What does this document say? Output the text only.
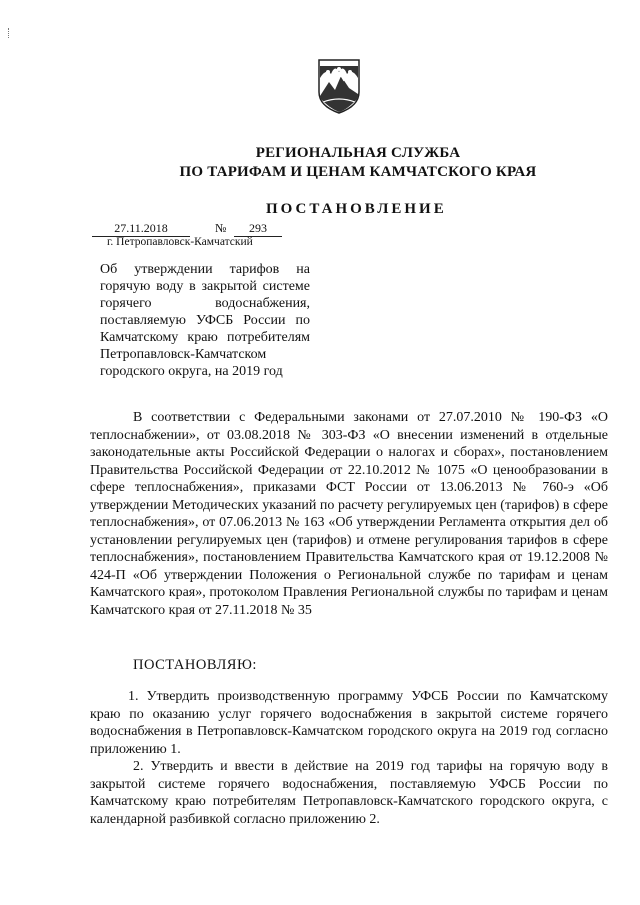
РЕГИОНАЛЬНАЯ СЛУЖБА
ПО ТАРИФАМ И ЦЕНАМ КАМЧАТСКОГО КРАЯ
ПОСТАНОВЛЕНИЕ
27.11.2018	№	293
г. Петропавловск-Камчатский
Об утверждении тарифов на горячую воду в закрытой системе горячего водоснабжения, поставляемую УФСБ России по Камчатскому краю потребителям Петропавловск-Камчатском городского округа, на 2019 год

В соответствии с Федеральными законами от 27.07.2010 № 190-ФЗ «О теплоснабжении», от 03.08.2018 № 303-ФЗ «О внесении изменений в отдельные законодательные акты Российской Федерации о налогах и сборах», постановлением Правительства Российской Федерации от 22.10.2012 № 1075 «О ценообразовании в сфере теплоснабжения», приказами ФСТ России от 13.06.2013 № 760-э «Об утверждении Методических указаний по расчету регулируемых цен (тарифов) в сфере теплоснабжения», от 07.06.2013 № 163 «Об утверждении Регламента открытия дел об установлении регулируемых цен (тарифов) и отмене регулирования тарифов в сфере теплоснабжения», постановлением Правительства Камчатского края от 19.12.2008 № 424-П «Об утверждении Положения о Региональной службе по тарифам и ценам Камчатского края», протоколом Правления Региональной службы по тарифам и ценам Камчатского края от 27.11.2018 № 35

ПОСТАНОВЛЯЮ:

1. Утвердить производственную программу УФСБ России по Камчатскому краю по оказанию услуг горячего водоснабжения в закрытой системе горячего водоснабжения в Петропавловск-Камчатском городского округа на 2019 год согласно приложению 1.

2. Утвердить и ввести в действие на 2019 год тарифы на горячую воду в закрытой системе горячего водоснабжения, поставляемую УФСБ России по Камчатскому краю потребителям Петропавловск-Камчатского городского округа, с календарной разбивкой согласно приложению 2.
